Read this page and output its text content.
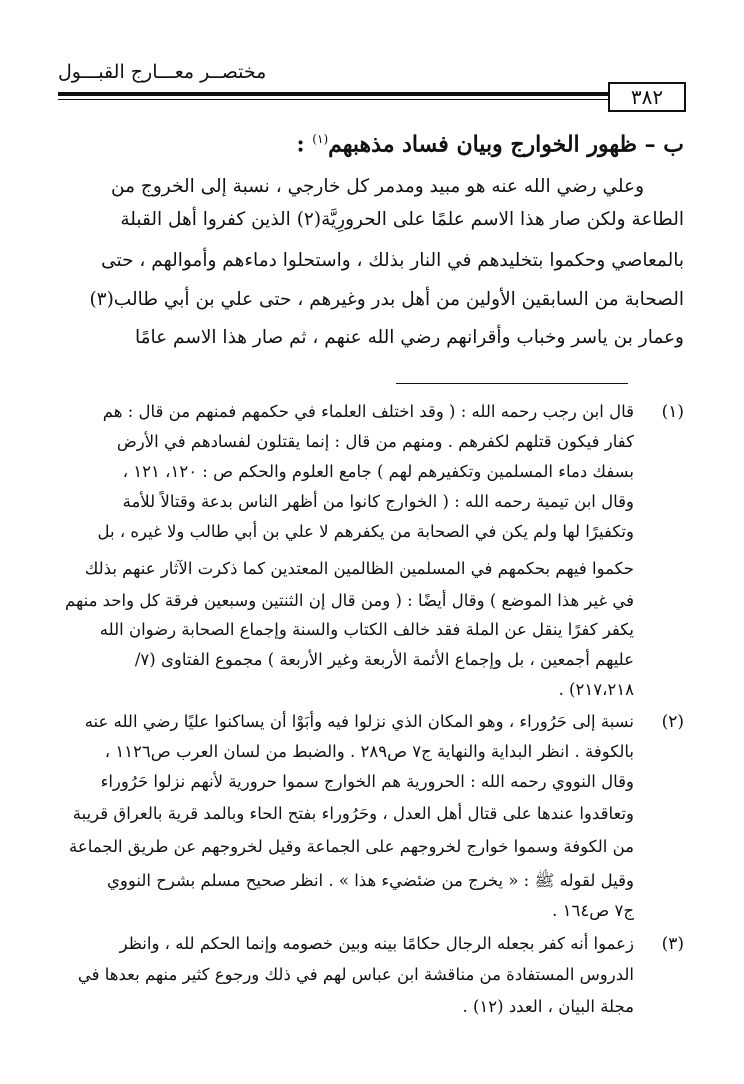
مختصــر معـــارج القبـــول
٣٨٢
ب – ظهور الخوارج وبيان فساد مذهبهم$^{(١)}$ :
وعلي رضي الله عنه هو مبيد ومدمر كل خارجي ، نسبة إلى الخروج من
الطاعة ولكن صار هذا الاسم علمًا على الحرورِيَّة(٢) الذين كفروا أهل القبلة
بالمعاصي وحكموا بتخليدهم في النار بذلك ، واستحلوا دماءهم وأموالهم ، حتى
الصحابة من السابقين الأولين من أهل بدر وغيرهم ، حتى علي بن أبي طالب(٣)
وعمار بن ياسر وخباب وأقرانهم رضي الله عنهم ، ثم صار هذا الاسم عامًا
(١)
قال ابن رجب رحمه الله : ( وقد اختلف العلماء في حكمهم فمنهم من قال : هم
كفار فيكون قتلهم لكفرهم . ومنهم من قال : إنما يقتلون لفسادهم في الأرض
بسفك دماء المسلمين وتكفيرهم لهم ) جامع العلوم والحكم ص : ١٢٠، ١٢١ ،
وقال ابن تيمية رحمه الله : ( الخوارج كانوا من أظهر الناس بدعة وقتالاً للأمة
وتكفيرًا لها ولم يكن في الصحابة من يكفرهم لا علي بن أبي طالب ولا غيره ، بل
حكموا فيهم بحكمهم في المسلمين الظالمين المعتدين كما ذكرت الآثار عنهم بذلك
في غير هذا الموضع ) وقال أيضًا : ( ومن قال إن الثنتين وسبعين فرقة كل واحد منهم
يكفر كفرًا ينقل عن الملة فقد خالف الكتاب والسنة وإجماع الصحابة رضوان الله
عليهم أجمعين ، بل وإجماع الأئمة الأربعة وغير الأربعة ) مجموع الفتاوى (٧/
٢١٧،٢١٨) .
(٢)
نسبة إلى حَرُوراء ، وهو المكان الذي نزلوا فيه وأبَوْا أن يساكنوا عليًا رضي الله عنه
بالكوفة . انظر البداية والنهاية ج٧ ص٢٨٩ . والضبط من لسان العرب ص١١٢٦ ،
وقال النووي رحمه الله : الحرورية هم الخوارج سموا حرورية لأنهم نزلوا حَرُوراء
وتعاقدوا عندها على قتال أهل العدل ، وحَرُوراء بفتح الحاء وبالمد قرية بالعراق قريبة
من الكوفة وسموا خوارج لخروجهم على الجماعة وقيل لخروجهم عن طريق الجماعة
وقيل لقوله ﷺ : « يخرج من ضئضيء هذا » . انظر صحيح مسلم بشرح النووي
ج٧ ص١٦٤ .
(٣)
زعموا أنه كفر بجعله الرجال حكامًا بينه وبين خصومه وإنما الحكم لله ، وانظر
الدروس المستفادة من مناقشة ابن عباس لهم في ذلك ورجوع كثير منهم بعدها في
مجلة البيان ، العدد (١٢) .
